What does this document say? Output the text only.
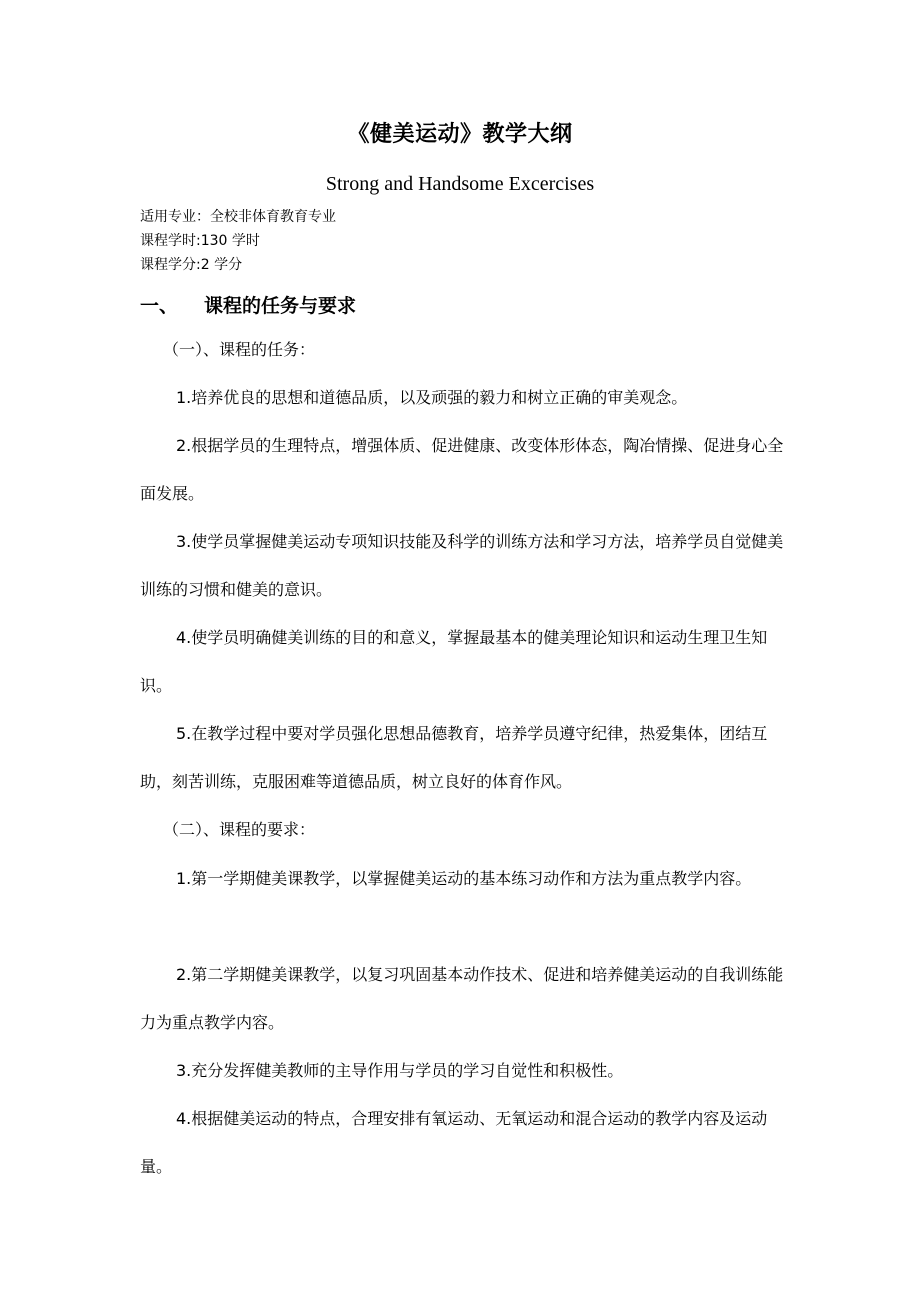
《健美运动》教学大纲
Strong and Handsome Excercises
适用专业：全校非体育教育专业
课程学时:130 学时
课程学分:2 学分
一、	课程的任务与要求
（一）、课程的任务：

1.培养优良的思想和道德品质，以及顽强的毅力和树立正确的审美观念。

2.根据学员的生理特点，增强体质、促进健康、改变体形体态，陶冶情操、促进身心全面发展。

3.使学员掌握健美运动专项知识技能及科学的训练方法和学习方法，培养学员自觉健美训练的习惯和健美的意识。

4.使学员明确健美训练的目的和意义，掌握最基本的健美理论知识和运动生理卫生知识。

5.在教学过程中要对学员强化思想品德教育，培养学员遵守纪律，热爱集体，团结互助，刻苦训练，克服困难等道德品质，树立良好的体育作风。

（二）、课程的要求：

1.第一学期健美课教学，以掌握健美运动的基本练习动作和方法为重点教学内容。

2.第二学期健美课教学，以复习巩固基本动作技术、促进和培养健美运动的自我训练能力为重点教学内容。

3.充分发挥健美教师的主导作用与学员的学习自觉性和积极性。

4.根据健美运动的特点，合理安排有氧运动、无氧运动和混合运动的教学内容及运动量。
